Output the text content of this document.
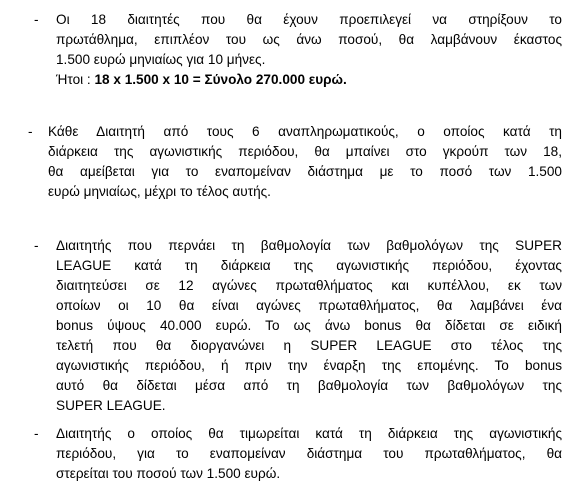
- Οι 18 διαιτητές που θα έχουν προεπιλεγεί να στηρίξουν το
πρωτάθλημα, επιπλέον του ως άνω ποσού, θα λαμβάνουν έκαστος
1.500 ευρώ μηνιαίως για 10 μήνες.
Ήτοι : 18 x 1.500 x 10 = Σύνολο 270.000 ευρώ.
- Κάθε Διαιτητή από τους 6 αναπληρωματικούς, ο οποίος κατά τη
διάρκεια της αγωνιστικής περιόδου, θα μπαίνει στο γκρούπ των 18,
θα αμείβεται για το εναπομείναν διάστημα με το ποσό των 1.500
ευρώ μηνιαίως, μέχρι το τέλος αυτής.
- Διαιτητής που περνάει τη βαθμολογία των βαθμολόγων της SUPER
LEAGUE κατά τη διάρκεια της αγωνιστικής περιόδου, έχοντας
διαιτητεύσει σε 12 αγώνες πρωταθλήματος και κυπέλλου, εκ των
οποίων οι 10 θα είναι αγώνες πρωταθλήματος, θα λαμβάνει ένα
bonus ύψους 40.000 ευρώ. Το ως άνω bonus θα δίδεται σε ειδική
τελετή που θα διοργανώνει η SUPER LEAGUE στο τέλος της
αγωνιστικής περιόδου, ή πριν την έναρξη της επομένης. Το bonus
αυτό θα δίδεται μέσα από τη βαθμολογία των βαθμολόγων της
SUPER LEAGUE.
- Διαιτητής ο οποίος θα τιμωρείται κατά τη διάρκεια της αγωνιστικής
περιόδου, για το εναπομείναν διάστημα του πρωταθλήματος, θα
στερείται του ποσού των 1.500 ευρώ.
